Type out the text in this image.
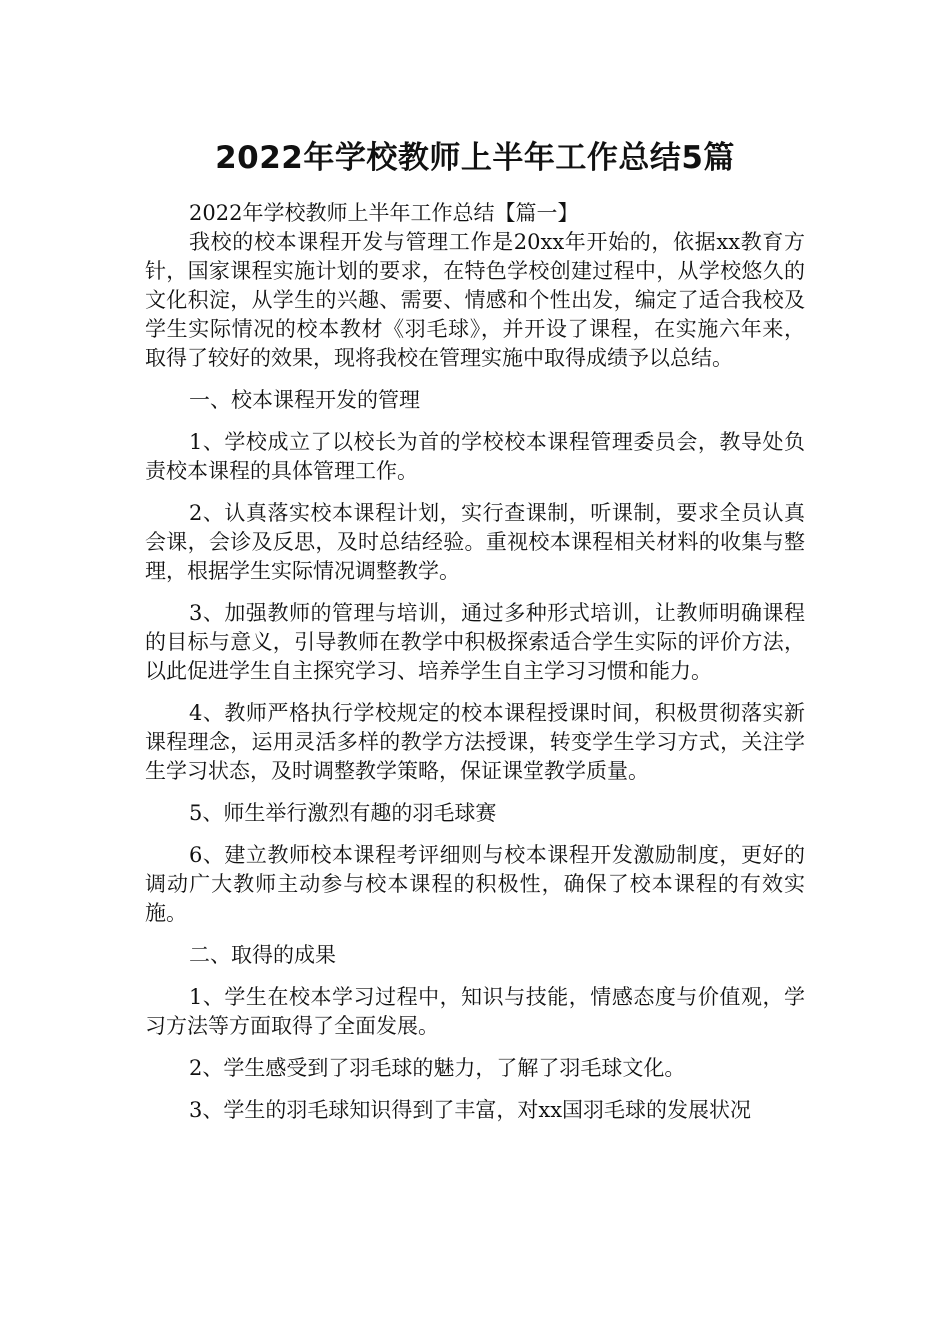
2022年学校教师上半年工作总结5篇

2022年学校教师上半年工作总结【篇一】

我校的校本课程开发与管理工作是20xx年开始的，依据xx教育方针，国家课程实施计划的要求，在特色学校创建过程中，从学校悠久的文化积淀，从学生的兴趣、需要、情感和个性出发，编定了适合我校及学生实际情况的校本教材《羽毛球》，并开设了课程，在实施六年来，取得了较好的效果，现将我校在管理实施中取得成绩予以总结。

一、校本课程开发的管理

1、学校成立了以校长为首的学校校本课程管理委员会，教导处负责校本课程的具体管理工作。

2、认真落实校本课程计划，实行查课制，听课制，要求全员认真会课，会诊及反思，及时总结经验。重视校本课程相关材料的收集与整理，根据学生实际情况调整教学。

3、加强教师的管理与培训，通过多种形式培训，让教师明确课程的目标与意义，引导教师在教学中积极探索适合学生实际的评价方法，以此促进学生自主探究学习、培养学生自主学习习惯和能力。

4、教师严格执行学校规定的校本课程授课时间，积极贯彻落实新课程理念，运用灵活多样的教学方法授课，转变学生学习方式，关注学生学习状态，及时调整教学策略，保证课堂教学质量。

5、师生举行激烈有趣的羽毛球赛

6、建立教师校本课程考评细则与校本课程开发激励制度，更好的调动广大教师主动参与校本课程的积极性，确保了校本课程的有效实施。

二、取得的成果

1、学生在校本学习过程中，知识与技能，情感态度与价值观，学习方法等方面取得了全面发展。

2、学生感受到了羽毛球的魅力，了解了羽毛球文化。

3、学生的羽毛球知识得到了丰富，对xx国羽毛球的发展状况
